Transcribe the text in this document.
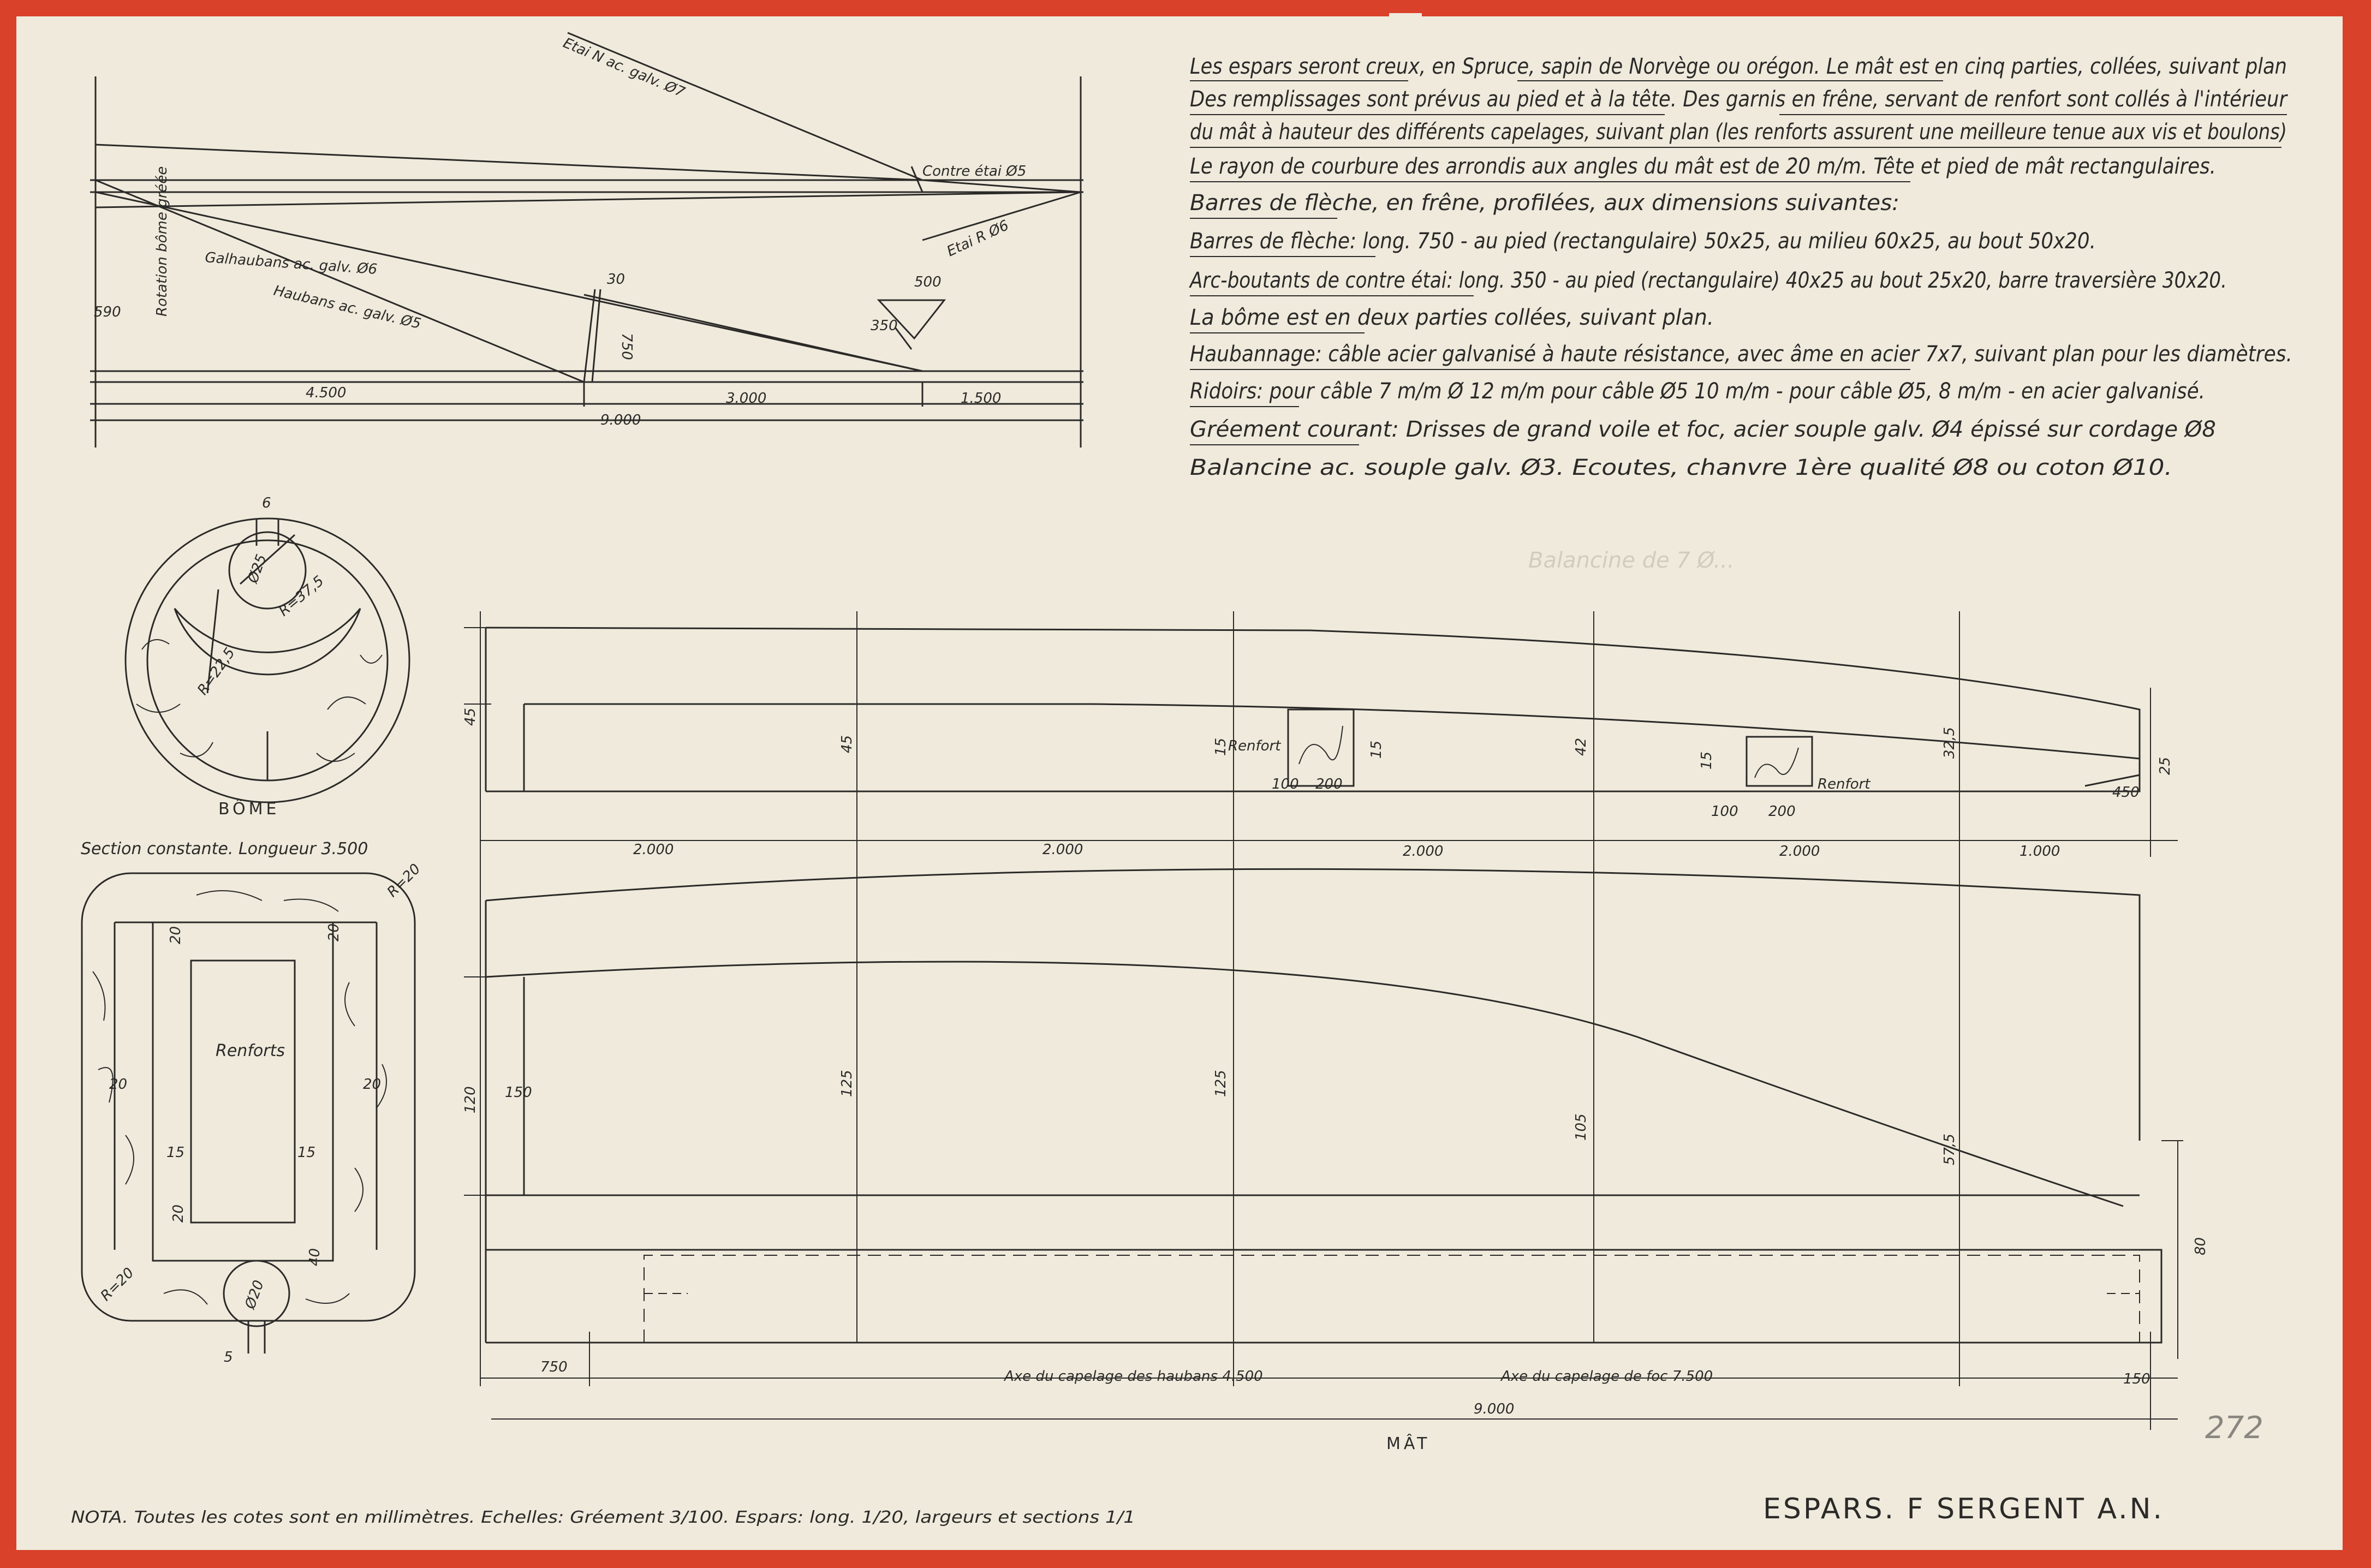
Etai N ac. galv. Ø7
Contre étai Ø5
Etai R Ø6
Galhaubans ac. galv. Ø6
Haubans ac. galv. Ø5
Rotation bôme gréée
590
30
750
500
350
4.500	3.000	1.500
9.000
Les espars seront creux, en Spruce, sapin de Norvège ou orégon. Le mât est en cinq parties, collées, suivant plan
Des remplissages sont prévus au pied et à la tête. Des garnis en frêne, servant de renfort sont collés à l'intérieur
du mât à hauteur des différents capelages, suivant plan (les renforts assurent une meilleure tenue aux vis et boulons)
Le rayon de courbure des arrondis aux angles du mât est de 20 m/m. Tête et pied de mât rectangulaires.
Barres de flèche, en frêne, profilées, aux dimensions suivantes:
Barres de flèche: long. 750 - au pied (rectangulaire) 50x25, au milieu 60x25, au bout 50x20.
Arc-boutants de contre étai: long. 350 - au pied (rectangulaire) 40x25 au bout 25x20, barre traversière 30x20.
La bôme est en deux parties collées, suivant plan.
Haubannage: câble acier galvanisé à haute résistance, avec âme en acier 7x7, suivant plan pour les diamètres.
Ridoirs: pour câble 7 m/m Ø 12 m/m pour câble Ø5 10 m/m - pour câble Ø5, 8 m/m - en acier galvanisé.
Gréement courant: Drisses de grand voile et foc, acier souple galv. Ø4 épissé sur cordage Ø8
Balancine ac. souple galv. Ø3. Ecoutes, chanvre 1ère qualité Ø8 ou coton Ø10.
Balancine de 7 Ø...
6
Ø25
R=37,5
R=22,5
BÔME
Section constante. Longueur 3.500
R=20
R=20
Renforts
20	20
20	20
15	15
20
40
Ø20
5
45
45	15	15	42
15
32,5
25
Renfort
Renfort
100 200
100 200
450
2.000	2.000	2.000	2.000	1.000
120 150	125	125
105
57,5
80
750
Axe du capelage des haubans 4.500	Axe du capelage de foc 7.500	150
9.000
MÂT
NOTA. Toutes les cotes sont en millimètres. Echelles: Gréement 3/100. Espars: long. 1/20, largeurs et sections 1/1	ESPARS. F SERGENT A.N.
272
